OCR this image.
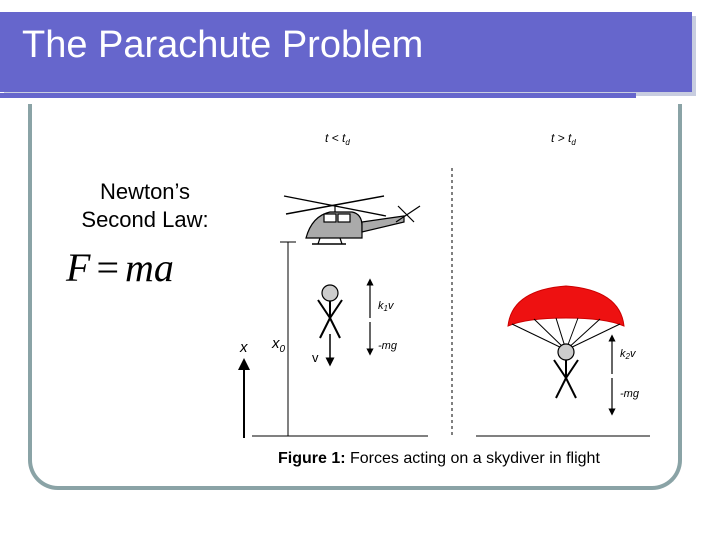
The Parachute Problem
Newton’s
Second Law:
F = ma
$t < t_d$	$t > t_d$
x $x_0$
v
k1v
-mg
k2v
-mg
Figure 1: Forces acting on a skydiver in flight
